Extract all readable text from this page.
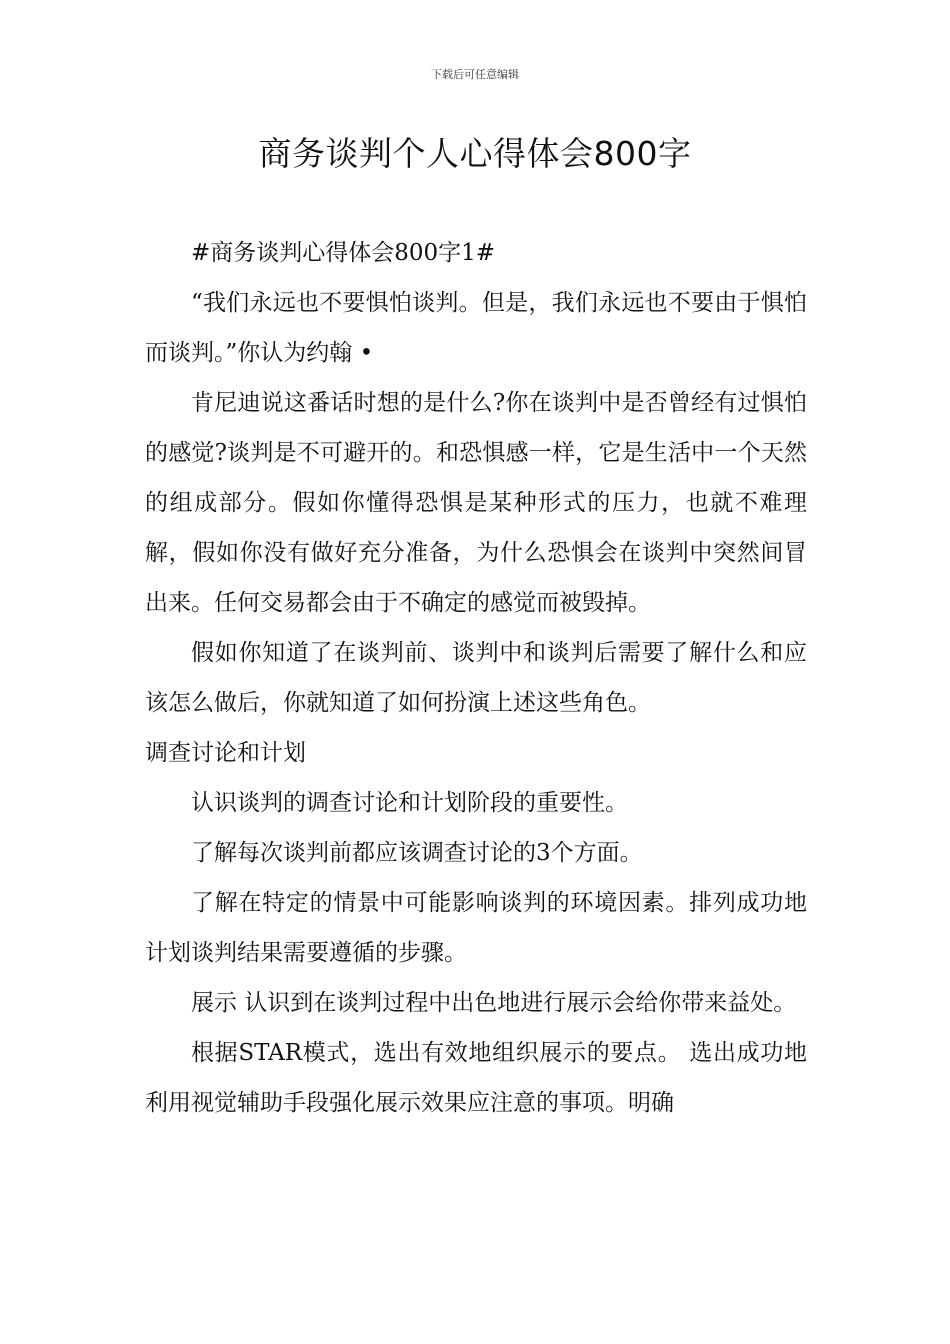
下载后可任意编辑
商务谈判个人心得体会800字

#商务谈判心得体会800字1#

“我们永远也不要惧怕谈判。但是，我们永远也不要由于惧怕而谈判。”你认为约翰 •

肯尼迪说这番话时想的是什么?你在谈判中是否曾经有过惧怕的感觉?谈判是不可避开的。和恐惧感一样，它是生活中一个天然的组成部分。假如你懂得恐惧是某种形式的压力，也就不难理解，假如你没有做好充分准备，为什么恐惧会在谈判中突然间冒出来。任何交易都会由于不确定的感觉而被毁掉。

假如你知道了在谈判前、谈判中和谈判后需要了解什么和应该怎么做后，你就知道了如何扮演上述这些角色。

调查讨论和计划

认识谈判的调查讨论和计划阶段的重要性。

了解每次谈判前都应该调查讨论的3个方面。

了解在特定的情景中可能影响谈判的环境因素。排列成功地计划谈判结果需要遵循的步骤。

展示 认识到在谈判过程中出色地进行展示会给你带来益处。

根据STAR模式，选出有效地组织展示的要点。 选出成功地利用视觉辅助手段强化展示效果应注意的事项。明确
